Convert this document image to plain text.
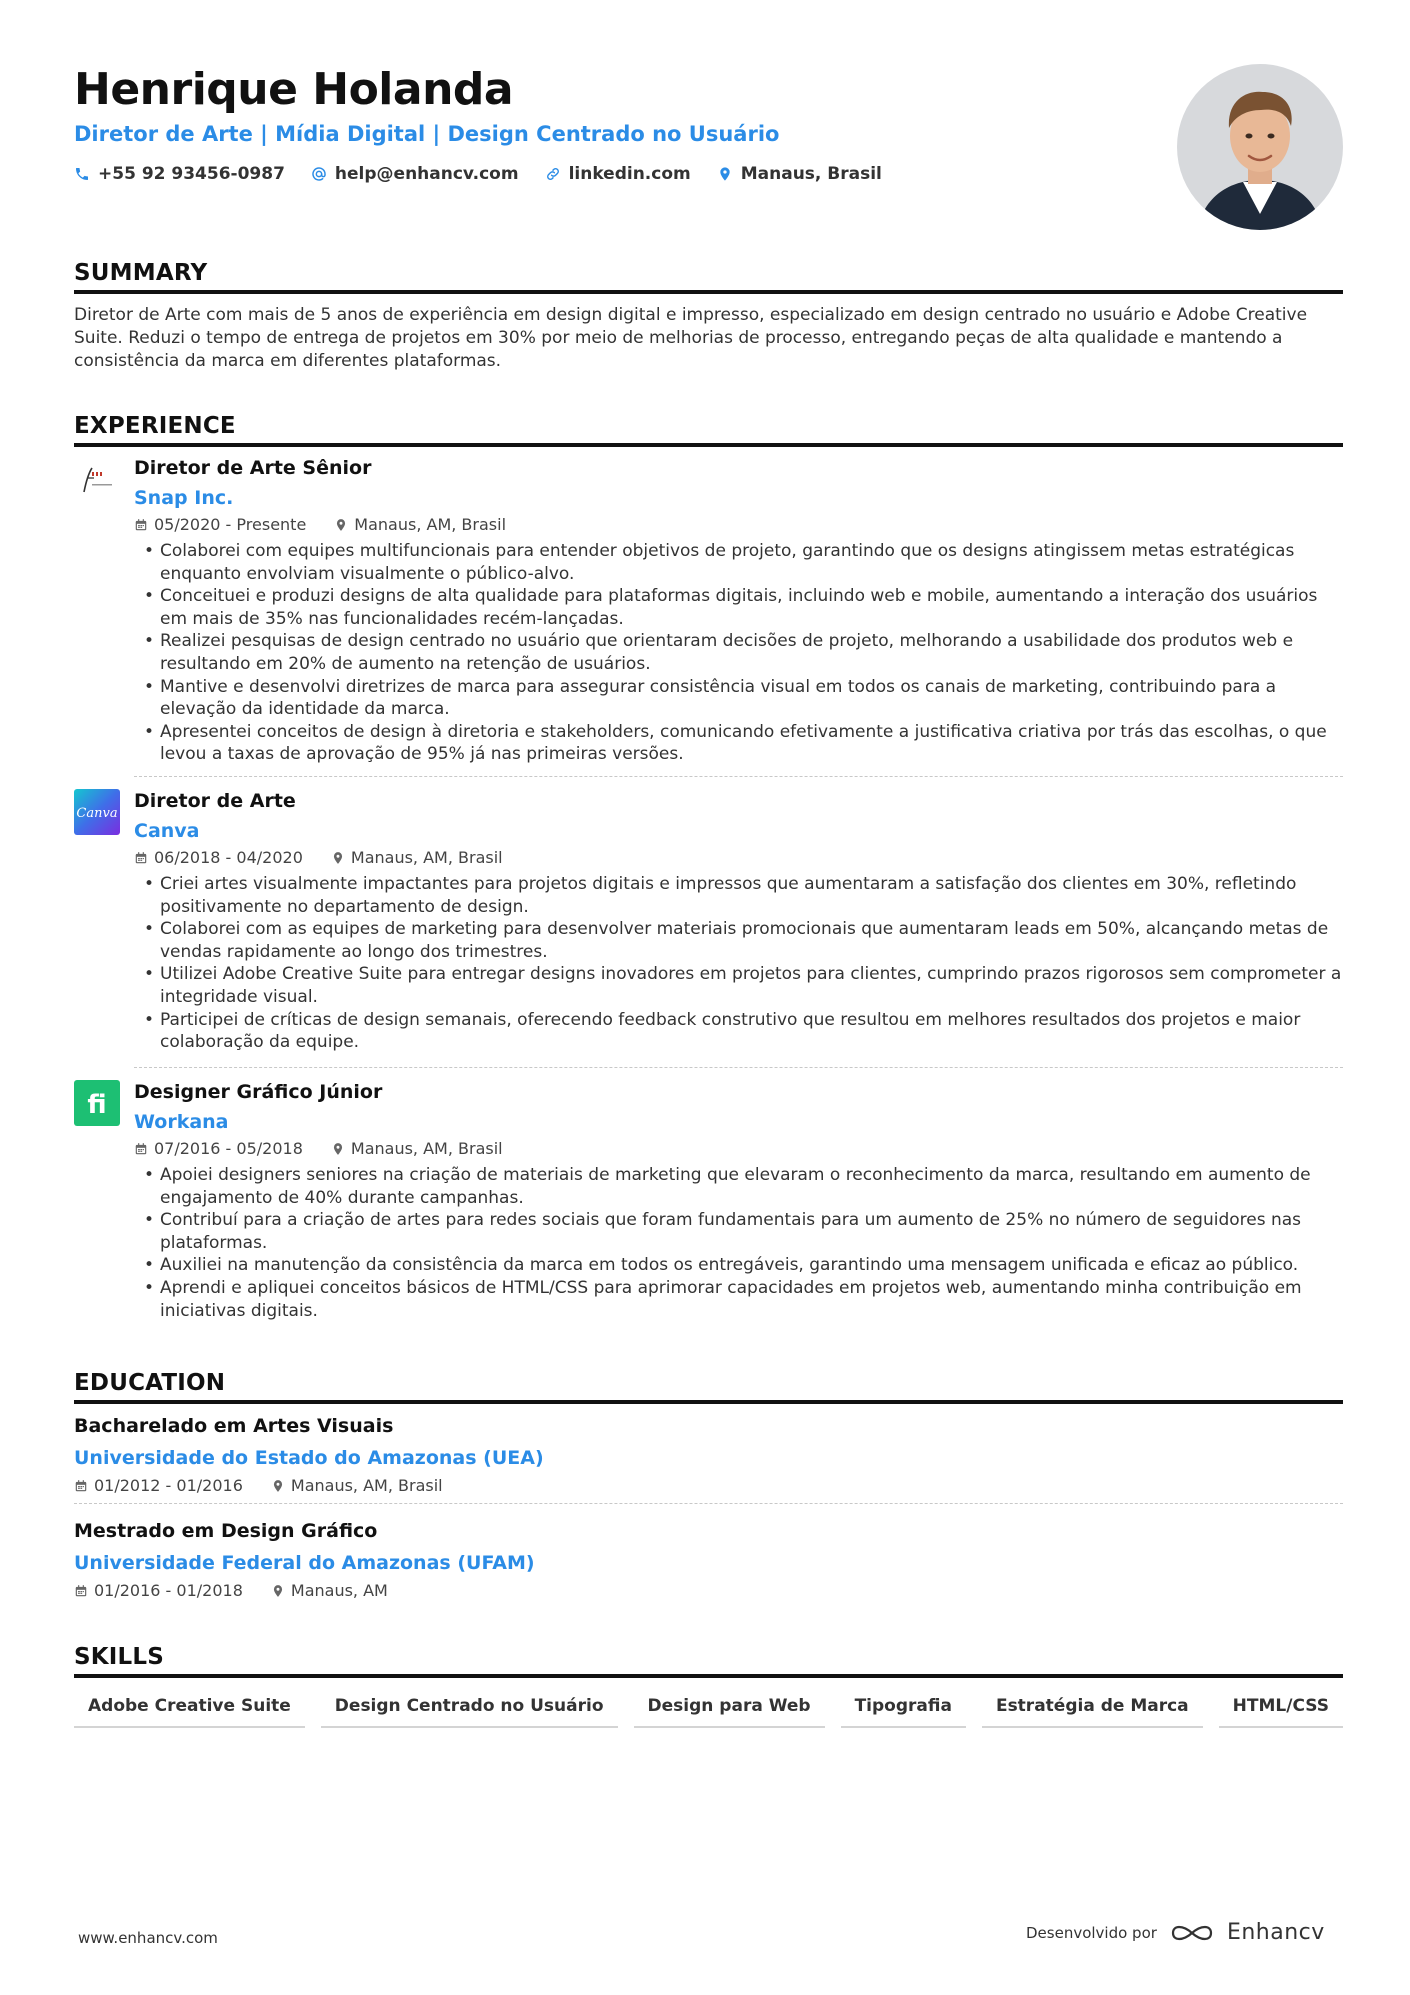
Henrique Holanda
Diretor de Arte | Mídia Digital | Design Centrado no Usuário
+55 92 93456-0987	help@enhancv.com	linkedin.com	Manaus, Brasil
SUMMARY
Diretor de Arte com mais de 5 anos de experiência em design digital e impresso, especializado em design centrado no usuário e Adobe Creative Suite. Reduzi o tempo de entrega de projetos em 30% por meio de melhorias de processo, entregando peças de alta qualidade e mantendo a consistência da marca em diferentes plataformas.
EXPERIENCE
Diretor de Arte Sênior
Snap Inc.
05/2020 - Presente	Manaus, AM, Brasil
• Colaborei com equipes multifuncionais para entender objetivos de projeto, garantindo que os designs atingissem metas estratégicas enquanto envolviam visualmente o público-alvo.
• Conceituei e produzi designs de alta qualidade para plataformas digitais, incluindo web e mobile, aumentando a interação dos usuários em mais de 35% nas funcionalidades recém-lançadas.
• Realizei pesquisas de design centrado no usuário que orientaram decisões de projeto, melhorando a usabilidade dos produtos web e resultando em 20% de aumento na retenção de usuários.
• Mantive e desenvolvi diretrizes de marca para assegurar consistência visual em todos os canais de marketing, contribuindo para a elevação da identidade da marca.
• Apresentei conceitos de design à diretoria e stakeholders, comunicando efetivamente a justificativa criativa por trás das escolhas, o que levou a taxas de aprovação de 95% já nas primeiras versões.
Canva
Diretor de Arte
Canva
06/2018 - 04/2020	Manaus, AM, Brasil
• Criei artes visualmente impactantes para projetos digitais e impressos que aumentaram a satisfação dos clientes em 30%, refletindo positivamente no departamento de design.
• Colaborei com as equipes de marketing para desenvolver materiais promocionais que aumentaram leads em 50%, alcançando metas de vendas rapidamente ao longo dos trimestres.
• Utilizei Adobe Creative Suite para entregar designs inovadores em projetos para clientes, cumprindo prazos rigorosos sem comprometer a integridade visual.
• Participei de críticas de design semanais, oferecendo feedback construtivo que resultou em melhores resultados dos projetos e maior colaboração da equipe.
fi Designer Gráfico Júnior
Workana
07/2016 - 05/2018	Manaus, AM, Brasil
• Apoiei designers seniores na criação de materiais de marketing que elevaram o reconhecimento da marca, resultando em aumento de engajamento de 40% durante campanhas.
• Contribuí para a criação de artes para redes sociais que foram fundamentais para um aumento de 25% no número de seguidores nas plataformas.
• Auxiliei na manutenção da consistência da marca em todos os entregáveis, garantindo uma mensagem unificada e eficaz ao público.
• Aprendi e apliquei conceitos básicos de HTML/CSS para aprimorar capacidades em projetos web, aumentando minha contribuição em iniciativas digitais.
EDUCATION
Bacharelado em Artes Visuais
Universidade do Estado do Amazonas (UEA)
01/2012 - 01/2016	Manaus, AM, Brasil
Mestrado em Design Gráfico
Universidade Federal do Amazonas (UFAM)
01/2016 - 01/2018	Manaus, AM
SKILLS
Adobe Creative Suite	Design Centrado no Usuário	Design para Web	Tipografia	Estratégia de Marca	HTML/CSS
www.enhancv.com	Desenvolvido por	Enhancv
